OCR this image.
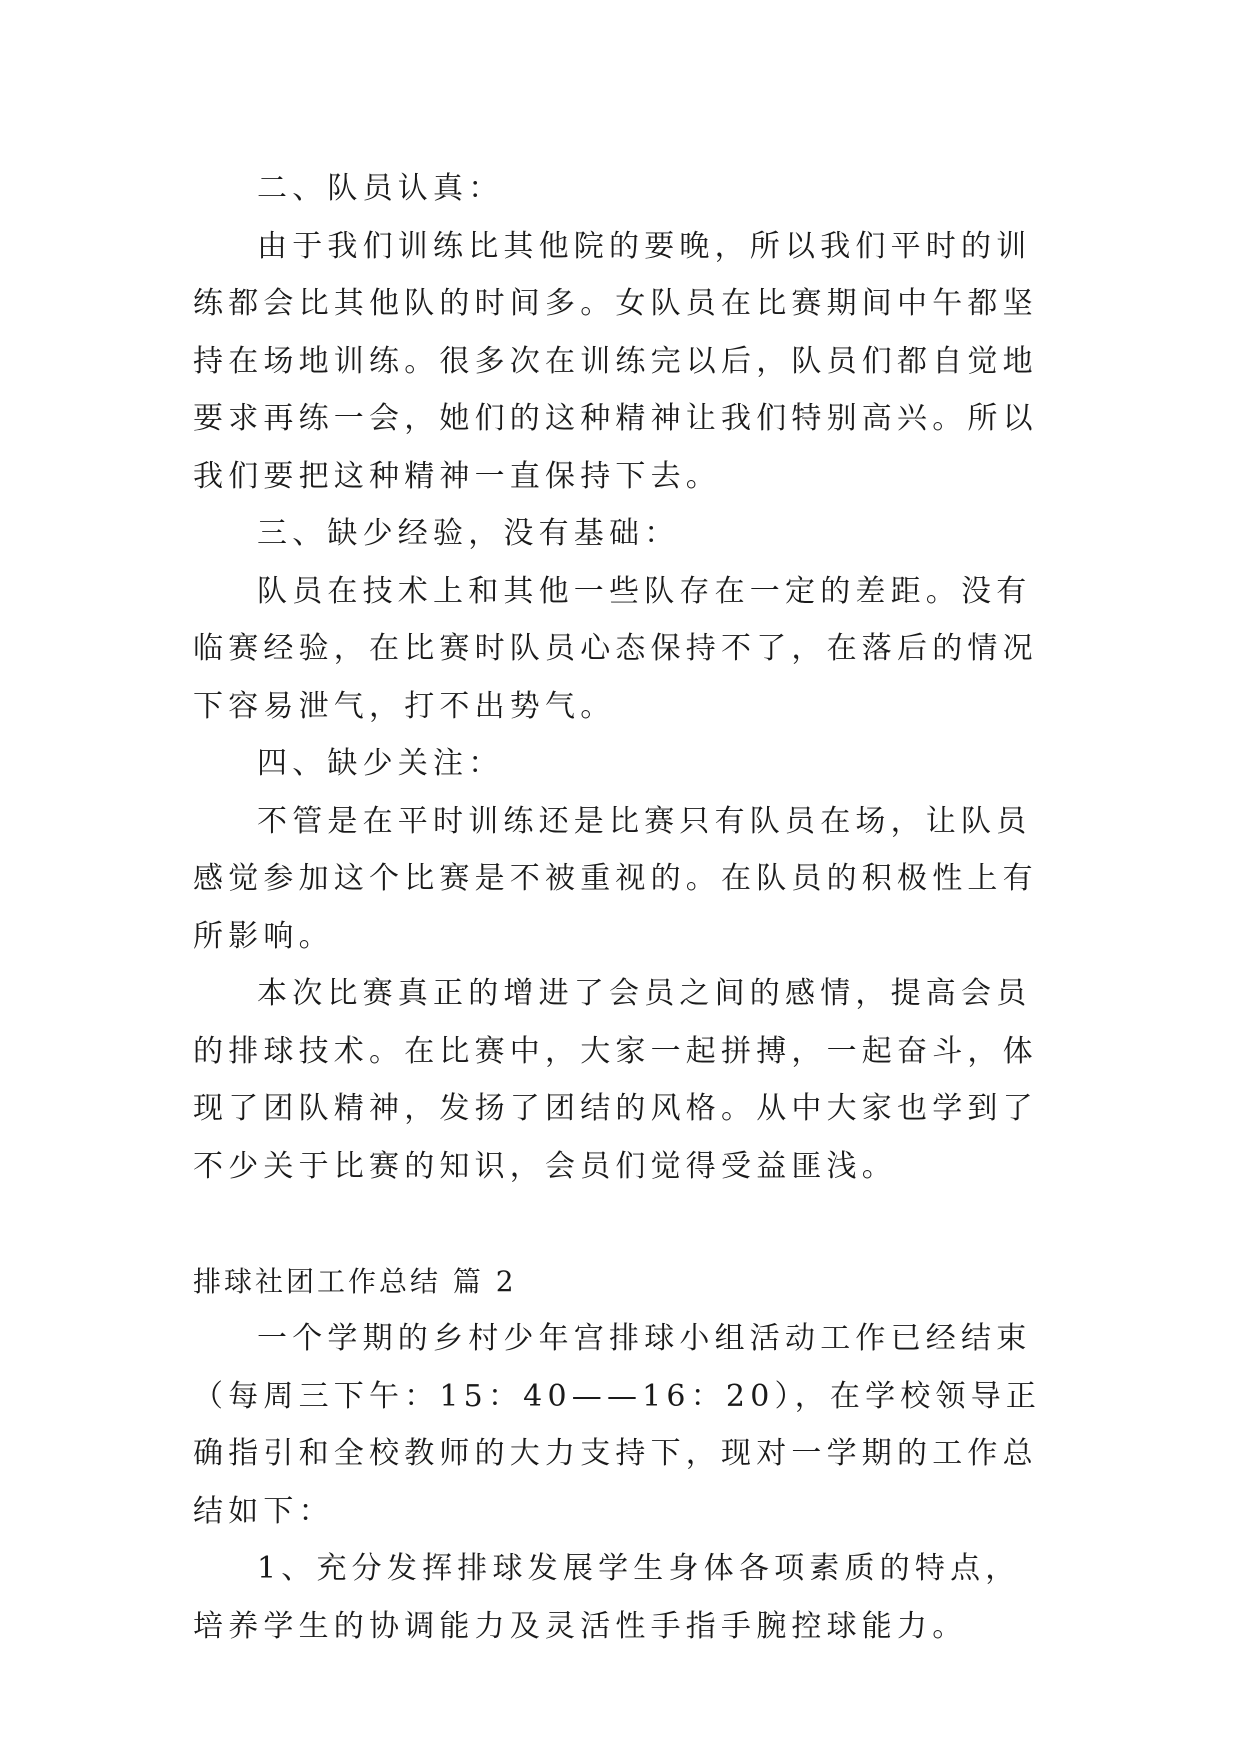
二、队员认真：

由于我们训练比其他院的要晚，所以我们平时的训练都会比其他队的时间多。女队员在比赛期间中午都坚持在场地训练。很多次在训练完以后，队员们都自觉地要求再练一会，她们的这种精神让我们特别高兴。所以我们要把这种精神一直保持下去。

三、缺少经验，没有基础：

队员在技术上和其他一些队存在一定的差距。没有临赛经验，在比赛时队员心态保持不了，在落后的情况下容易泄气，打不出势气。

四、缺少关注：

不管是在平时训练还是比赛只有队员在场，让队员感觉参加这个比赛是不被重视的。在队员的积极性上有所影响。

本次比赛真正的增进了会员之间的感情，提高会员的排球技术。在比赛中，大家一起拼搏，一起奋斗，体现了团队精神，发扬了团结的风格。从中大家也学到了不少关于比赛的知识，会员们觉得受益匪浅。

排球社团工作总结 篇 2

一个学期的乡村少年宫排球小组活动工作已经结束（每周三下午：15：40——16：20），在学校领导正确指引和全校教师的大力支持下，现对一学期的工作总结如下：

1、充分发挥排球发展学生身体各项素质的特点，培养学生的协调能力及灵活性手指手腕控球能力。
